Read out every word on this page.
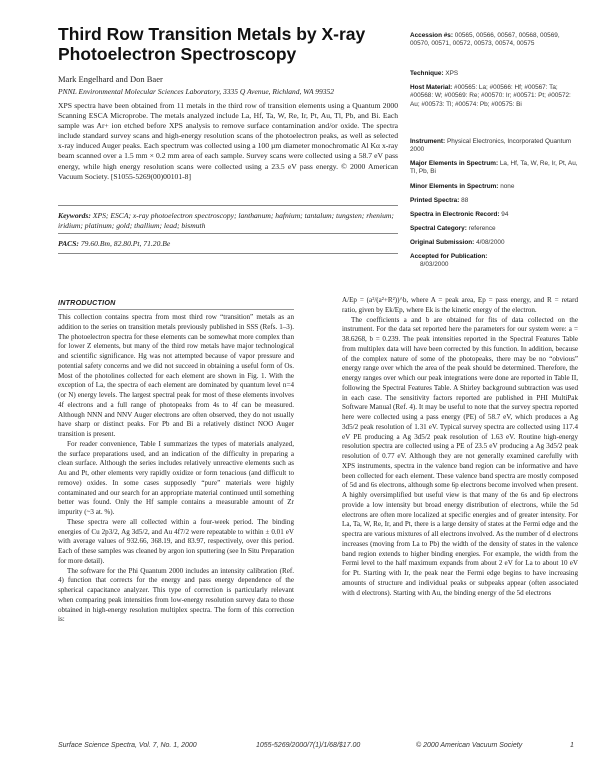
Third Row Transition Metals by X-ray Photoelectron Spectroscopy
Mark Engelhard and Don Baer
PNNL Environmental Molecular Sciences Laboratory, 3335 Q Avenue, Richland, WA 99352
XPS spectra have been obtained from 11 metals in the third row of transition elements using a Quantum 2000 Scanning ESCA Microprobe. The metals analyzed include La, Hf, Ta, W, Re, Ir, Pt, Au, Tl, Pb, and Bi. Each sample was Ar+ ion etched before XPS analysis to remove surface contamination and/or oxide. The spectra include standard survey scans and high-energy resolution scans of the photoelectron peaks, as well as selected x-ray induced Auger peaks. Each spectrum was collected using a 100 µm diameter monochromatic Al Kα x-ray beam scanned over a 1.5 mm × 0.2 mm area of each sample. Survey scans were collected using a 58.7 eV pass energy, while high energy resolution scans were collected using a 23.5 eV pass energy. © 2000 American Vacuum Society. [S1055-5269(00)00101-8]
Keywords: XPS; ESCA; x-ray photoelectron spectroscopy; lanthanum; hafnium; tantalum; tungsten; rhenium; iridium; platinum; gold; thallium; lead; bismuth
PACS: 79.60.Bm, 82.80.Pt, 71.20.Be
Accession #s: 00565, 00566, 00567, 00568, 00569, 00570, 00571, 00572, 00573, 00574, 00575
Technique: XPS
Host Material: #00565: La; #00566: Hf; #00567: Ta; #00568: W; #00569: Re; #00570: Ir; #00571: Pt; #00572: Au; #00573: Tl; #00574: Pb; #00575: Bi
Instrument: Physical Electronics, Incorporated Quantum 2000
Major Elements in Spectrum: La, Hf, Ta, W, Re, Ir, Pt, Au, Tl, Pb, Bi
Minor Elements in Spectrum: none
Printed Spectra: 88
Spectra in Electronic Record: 94
Spectral Category: reference
Original Submission: 4/08/2000
Accepted for Publication:
8/03/2000
INTRODUCTION

This collection contains spectra from most third row “transition” metals as an addition to the series on transition metals previously published in SSS (Refs. 1–3). The photoelectron spectra for these elements can be somewhat more complex than for lower Z elements, but many of the third row metals have major technological and scientific significance. Hg was not attempted because of vapor pressure and potential safety concerns and we did not succeed in obtaining a useful form of Os. Most of the photolines collected for each element are shown in Fig. 1. With the exception of La, the spectra of each element are dominated by quantum level n=4 (or N) energy levels. The largest spectral peak for most of these elements involves 4f electrons and a full range of photopeaks from 4s to 4f can be measured. Although NNN and NNV Auger electrons are often observed, they do not usually have sharp or distinct peaks. For Pb and Bi a relatively distinct NOO Auger transition is present.

For reader convenience, Table I summarizes the types of materials analyzed, the surface preparations used, and an indication of the difficulty in preparing a clean surface. Although the series includes relatively unreactive elements such as Au and Pt, other elements very rapidly oxidize or form tenacious (and difficult to remove) oxides. In some cases supposedly “pure” materials were highly contaminated and our search for an appropriate material continued until something better was found. Only the Hf sample contains a measurable amount of Zr impurity (~3 at. %).

These spectra were all collected within a four-week period. The binding energies of Cu 2p3/2, Ag 3d5/2, and Au 4f7/2 were repeatable to within ± 0.01 eV with average values of 932.66, 368.19, and 83.97, respectively, over this period. Each of these samples was cleaned by argon ion sputtering (see In Situ Preparation for more detail).

The software for the Phi Quantum 2000 includes an intensity calibration (Ref. 4) function that corrects for the energy and pass energy dependence of the spherical capacitance analyzer. This type of correction is particularly relevant when comparing peak intensities from low-energy resolution survey data to those obtained in high-energy resolution multiplex spectra. The form of this correction is:

A/Ep = (a²/(a²+R²))^b, where A = peak area, Ep = pass energy, and R = retard ratio, given by Ek/Ep, where Ek is the kinetic energy of the electron.

The coefficients a and b are obtained for fits of data collected on the instrument. For the data set reported here the parameters for our system were: a = 38.6268, b = 0.239. The peak intensities reported in the Spectral Features Table from multiplex data will have been corrected by this function. In addition, because of the complex nature of some of the photopeaks, there may be no “obvious” energy range over which the area of the peak should be determined. Therefore, the energy ranges over which our peak integrations were done are reported in Table II, following the Spectral Features Table. A Shirley background subtraction was used in each case. The sensitivity factors reported are published in PHI MultiPak Software Manual (Ref. 4). It may be useful to note that the survey spectra reported here were collected using a pass energy (PE) of 58.7 eV, which produces a Ag 3d5/2 peak resolution of 1.31 eV. Typical survey spectra are collected using 117.4 eV PE producing a Ag 3d5/2 peak resolution of 1.63 eV. Routine high-energy resolution spectra are collected using a PE of 23.5 eV producing a Ag 3d5/2 peak resolution of 0.77 eV. Although they are not generally examined carefully with XPS instruments, spectra in the valence band region can be informative and have been collected for each element. These valence band spectra are mostly composed of 5d and 6s electrons, although some 6p electrons become involved when present. A highly oversimplified but useful view is that many of the 6s and 6p electrons provide a low intensity but broad energy distribution of electrons, while the 5d electrons are often more localized at specific energies and of greater intensity. For La, Ta, W, Re, Ir, and Pt, there is a large density of states at the Fermi edge and the spectra are various mixtures of all electrons involved. As the number of d electrons increases (moving from La to Pb) the width of the density of states in the valence band region extends to higher binding energies. For example, the width from the Fermi level to the half maximum expands from about 2 eV for La to about 10 eV for Pt. Starting with Ir, the peak near the Fermi edge begins to have increasing amounts of structure and individual peaks or subpeaks appear (often associated with d electrons). Starting with Au, the binding energy of the 5d electrons

Surface Science Spectra, Vol. 7, No. 1, 2000	1055-5269/2000/7(1)/1/68/$17.00	© 2000 American Vacuum Society	1
